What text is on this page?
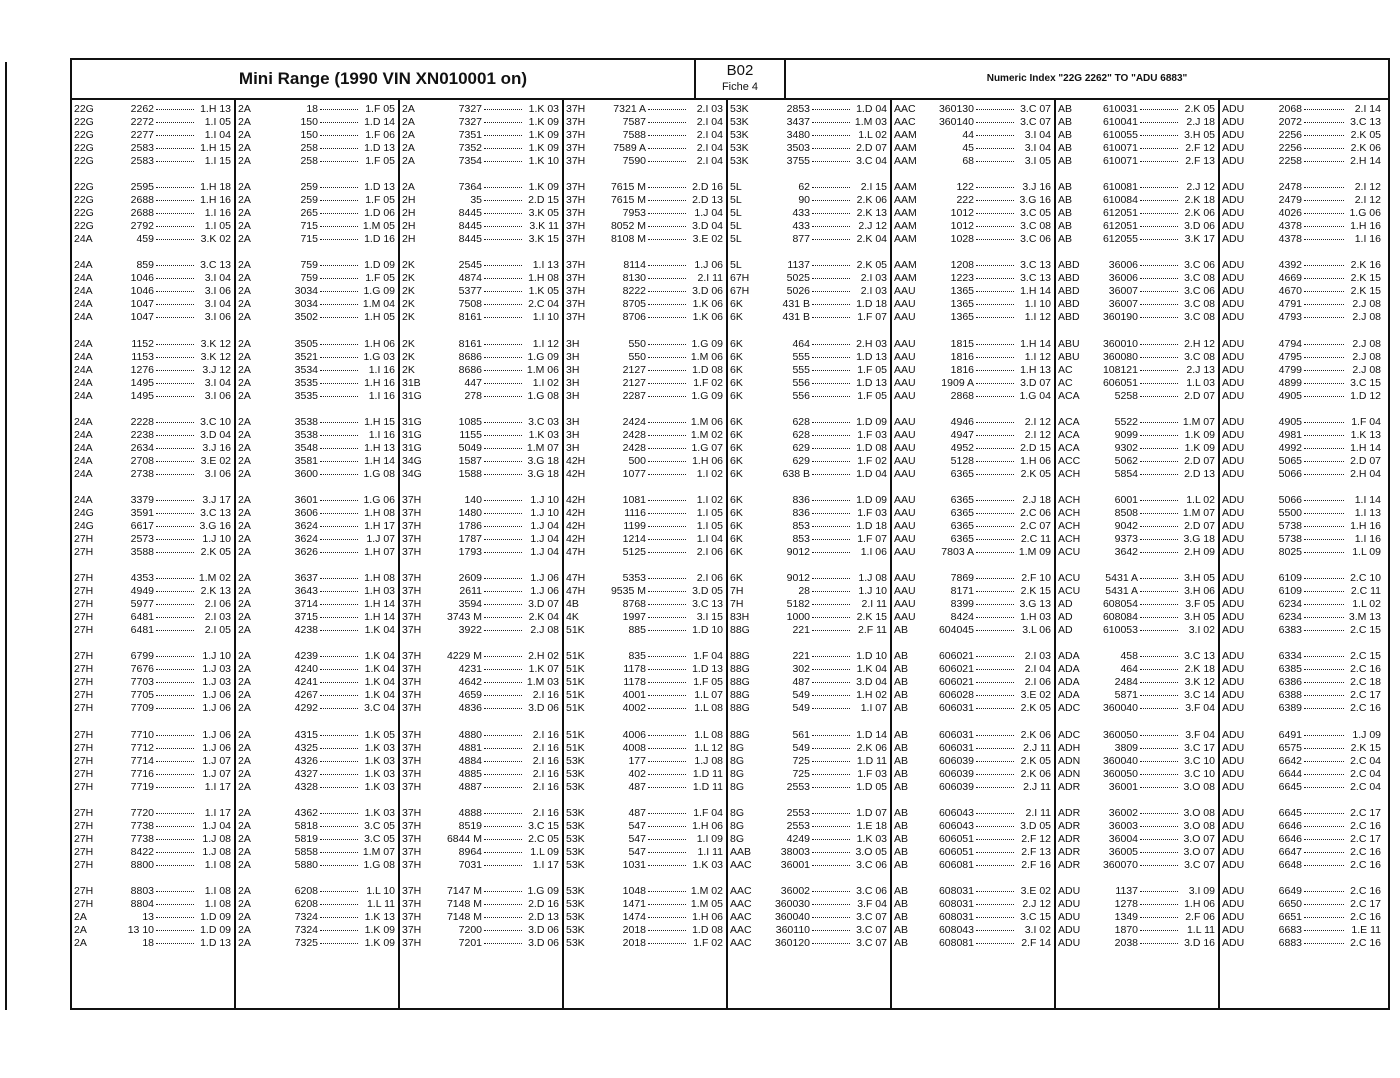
Mini Range (1990 VIN XN010001 on)	B02
Fiche 4
Numeric Index "22G 2262" TO "ADU 6883"
22G	2262	1.H 13
22G	2272	1.I 05
22G	2277	1.I 04
22G	2583	1.H 15
22G	2583	1.I 15
22G	2595	1.H 18
22G	2688	1.H 16
22G	2688	1.I 16
22G	2792	1.I 05
24A	459	3.K 02
24A	859	3.C 13
24A	1046	3.I 04
24A	1046	3.I 06
24A	1047	3.I 04
24A	1047	3.I 06
24A	1152	3.K 12
24A	1153	3.K 12
24A	1276	3.J 12
24A	1495	3.I 04
24A	1495	3.I 06
24A	2228	3.C 10
24A	2238	3.D 04
24A	2634	3.J 16
24A	2708	3.E 02
24A	2738	3.I 06
24A	3379	3.J 17
24G	3591	3.C 13
24G	6617	3.G 16
27H	2573	1.J 10
27H	3588	2.K 05
27H	4353	1.M 02
27H	4949	2.K 13
27H	5977	2.I 06
27H	6481	2.I 03
27H	6481	2.I 05
27H	6799	1.J 10
27H	7676	1.J 03
27H	7703	1.J 03
27H	7705	1.J 06
27H	7709	1.J 06
27H	7710	1.J 06
27H	7712	1.J 06
27H	7714	1.J 07
27H	7716	1.J 07
27H	7719	1.I 17
27H	7720	1.I 17
27H	7738	1.J 04
27H	7738	1.J 08
27H	8422	1.J 08
27H	8800	1.I 08
27H	8803	1.I 08
27H	8804	1.I 08
2A	13	1.D 09
2A	13 10	1.D 09
2A	18	1.D 13
2A	18	1.F 05
2A	150	1.D 14
2A	150	1.F 06
2A	258	1.D 13
2A	258	1.F 05
2A	259	1.D 13
2A	259	1.F 05
2A	265	1.D 06
2A	715	1.M 05
2A	715	1.D 16
2A	759	1.D 09
2A	759	1.F 05
2A	3034	1.G 09
2A	3034	1.M 04
2A	3502	1.H 05
2A	3505	1.H 06
2A	3521	1.G 03
2A	3534	1.I 16
2A	3535	1.H 16
2A	3535	1.I 16
2A	3538	1.H 15
2A	3538	1.I 16
2A	3548	1.H 13
2A	3581	1.H 14
2A	3600	1.G 08
2A	3601	1.G 06
2A	3606	1.H 08
2A	3624	1.H 17
2A	3624	1.J 07
2A	3626	1.H 07
2A	3637	1.H 08
2A	3643	1.H 03
2A	3714	1.H 14
2A	3715	1.H 14
2A	4238	1.K 04
2A	4239	1.K 04
2A	4240	1.K 04
2A	4241	1.K 04
2A	4267	1.K 04
2A	4292	3.C 04
2A	4315	1.K 05
2A	4325	1.K 03
2A	4326	1.K 03
2A	4327	1.K 03
2A	4328	1.K 03
2A	4362	1.K 03
2A	5818	3.C 05
2A	5819	3.C 05
2A	5858	1.M 07
2A	5880	1.G 08
2A	6208	1.L 10
2A	6208	1.L 11
2A	7324	1.K 13
2A	7324	1.K 09
2A	7325	1.K 09
2A	7327	1.K 03
2A	7327	1.K 09
2A	7351	1.K 09
2A	7352	1.K 09
2A	7354	1.K 10
2A	7364	1.K 09
2H	35	2.D 15
2H	8445	3.K 05
2H	8445	3.K 11
2H	8445	3.K 15
2K	2545	1.I 13
2K	4874	1.H 08
2K	5377	1.K 05
2K	7508	2.C 04
2K	8161	1.I 10
2K	8161	1.I 12
2K	8686	1.G 09
2K	8686	1.M 06
31B	447	1.I 02
31G	278	1.G 08
31G	1085	3.C 03
31G	1155	1.K 03
31G	5049	1.M 07
34G	1587	3.G 18
34G	1588	3.G 18
37H	140	1.J 10
37H	1480	1.J 10
37H	1786	1.J 04
37H	1787	1.J 04
37H	1793	1.J 04
37H	2609	1.J 06
37H	2611	1.J 06
37H	3594	3.D 07
37H	3743 M	2.K 04
37H	3922	2.J 08
37H	4229 M	2.H 02
37H	4231	1.K 07
37H	4642	1.M 03
37H	4659	2.I 16
37H	4836	3.D 06
37H	4880	2.I 16
37H	4881	2.I 16
37H	4884	2.I 16
37H	4885	2.I 16
37H	4887	2.I 16
37H	4888	2.I 16
37H	8519	3.C 15
37H	6844 M	2.C 05
37H	8964	1.L 09
37H	7031	1.I 17
37H	7147 M	1.G 09
37H	7148 M	2.D 16
37H	7148 M	2.D 13
37H	7200	3.D 06
37H	7201	3.D 06
37H	7321 A	2.I 03
37H	7587	2.I 04
37H	7588	2.I 04
37H	7589 A	2.I 04
37H	7590	2.I 04
37H	7615 M	2.D 16
37H	7615 M	2.D 13
37H	7953	1.J 04
37H	8052 M	3.D 04
37H	8108 M	3.E 02
37H	8114	1.J 06
37H	8130	2.I 11
37H	8222	3.D 06
37H	8705	1.K 06
37H	8706	1.K 06
3H	550	1.G 09
3H	550	1.M 06
3H	2127	1.D 08
3H	2127	1.F 02
3H	2287	1.G 09
3H	2424	1.M 06
3H	2428	1.M 02
3H	2428	1.G 07
42H	500	1.H 06
42H	1077	1.I 02
42H	1081	1.I 02
42H	1116	1.I 05
42H	1199	1.I 05
42H	1214	1.I 04
47H	5125	2.I 06
47H	5353	2.I 06
47H	9535 M	3.D 05
4B	8768	3.C 13
4K	1997	3.I 15
51K	885	1.D 10
51K	835	1.F 04
51K	1178	1.D 13
51K	1178	1.F 05
51K	4001	1.L 07
51K	4002	1.L 08
51K	4006	1.L 08
51K	4008	1.L 12
53K	177	1.J 08
53K	402	1.D 11
53K	487	1.D 11
53K	487	1.F 04
53K	547	1.H 06
53K	547	1.I 09
53K	547	1.I 11
53K	1031	1.K 03
53K	1048	1.M 02
53K	1471	1.M 05
53K	1474	1.H 06
53K	2018	1.D 08
53K	2018	1.F 02
53K	2853	1.D 04
53K	3437	1.M 03
53K	3480	1.L 02
53K	3503	2.D 07
53K	3755	3.C 04
5L	62	2.I 15
5L	90	2.K 06
5L	433	2.K 13
5L	433	2.J 12
5L	877	2.K 04
5L	1137	2.K 05
67H	5025	2.I 03
67H	5026	2.I 03
6K	431 B	1.D 18
6K	431 B	1.F 07
6K	464	2.H 03
6K	555	1.D 13
6K	555	1.F 05
6K	556	1.D 13
6K	556	1.F 05
6K	628	1.D 09
6K	628	1.F 03
6K	629	1.D 08
6K	629	1.F 02
6K	638 B	1.D 04
6K	836	1.D 09
6K	836	1.F 03
6K	853	1.D 18
6K	853	1.F 07
6K	9012	1.I 06
6K	9012	1.J 08
7H	28	1.J 10
7H	5182	2.I 11
83H	1000	2.K 15
88G	221	2.F 11
88G	221	1.D 10
88G	302	1.K 04
88G	487	3.D 04
88G	549	1.H 02
88G	549	1.I 07
88G	561	1.D 14
8G	549	2.K 06
8G	725	1.D 11
8G	725	1.F 03
8G	2553	1.D 05
8G	2553	1.D 07
8G	2553	1.E 18
8G	4249	1.K 03
AAB	38003	3.O 05
AAC	36001	3.C 06
AAC	36002	3.C 06
AAC	360030	3.F 04
AAC	360040	3.C 07
AAC	360110	3.C 07
AAC	360120	3.C 07
AAC	360130	3.C 07
AAC	360140	3.C 07
AAM	44	3.I 04
AAM	45	3.I 04
AAM	68	3.I 05
AAM	122	3.J 16
AAM	222	3.G 16
AAM	1012	3.C 05
AAM	1012	3.C 08
AAM	1028	3.C 06
AAM	1208	3.C 13
AAM	1223	3.C 13
AAU	1365	1.H 14
AAU	1365	1.I 10
AAU	1365	1.I 12
AAU	1815	1.H 14
AAU	1816	1.I 12
AAU	1816	1.H 13
AAU	1909 A	3.D 07
AAU	2868	1.G 04
AAU	4946	2.I 12
AAU	4947	2.I 12
AAU	4952	2.D 15
AAU	5128	1.H 06
AAU	6365	2.K 05
AAU	6365	2.J 18
AAU	6365	2.C 06
AAU	6365	2.C 07
AAU	6365	2.C 11
AAU	7803 A	1.M 09
AAU	7869	2.F 10
AAU	8171	2.K 15
AAU	8399	3.G 13
AAU	8424	1.H 03
AB	604045	3.L 06
AB	606021	2.I 03
AB	606021	2.I 04
AB	606021	2.I 06
AB	606028	3.E 02
AB	606031	2.K 05
AB	606031	2.K 06
AB	606031	2.J 11
AB	606039	2.K 05
AB	606039	2.K 06
AB	606039	2.J 11
AB	606043	2.I 11
AB	606043	3.D 05
AB	606051	2.F 12
AB	606051	2.F 13
AB	606081	2.F 16
AB	608031	3.E 02
AB	608031	2.J 12
AB	608031	3.C 15
AB	608043	3.I 02
AB	608081	2.F 14
AB	610031	2.K 05
AB	610041	2.J 18
AB	610055	3.H 05
AB	610071	2.F 12
AB	610071	2.F 13
AB	610081	2.J 12
AB	610084	2.K 18
AB	612051	2.K 06
AB	612051	3.D 06
AB	612055	3.K 17
ABD	36006	3.C 06
ABD	36006	3.C 08
ABD	36007	3.C 06
ABD	36007	3.C 08
ABD	360190	3.C 08
ABU	360010	2.H 12
ABU	360080	3.C 08
AC	108121	2.J 13
AC	606051	1.L 03
ACA	5258	2.D 07
ACA	5522	1.M 07
ACA	9099	1.K 09
ACA	9302	1.K 09
ACC	5062	2.D 07
ACH	5854	2.D 13
ACH	6001	1.L 02
ACH	8508	1.M 07
ACH	9042	2.D 07
ACH	9373	3.G 18
ACU	3642	2.H 09
ACU	5431 A	3.H 05
ACU	5431 A	3.H 06
AD	608054	3.F 05
AD	608084	3.H 05
AD	610053	3.I 02
ADA	458	3.C 13
ADA	464	2.K 18
ADA	2484	3.K 12
ADA	5871	3.C 14
ADC	360040	3.F 04
ADC	360050	3.F 04
ADH	3809	3.C 17
ADN	360040	3.C 10
ADN	360050	3.C 10
ADR	36001	3.O 08
ADR	36002	3.O 08
ADR	36003	3.O 08
ADR	36004	3.O 07
ADR	36005	3.O 07
ADR	360070	3.C 07
ADU	1137	3.I 09
ADU	1278	1.H 06
ADU	1349	2.F 06
ADU	1870	1.L 11
ADU	2038	3.D 16
ADU	2068	2.I 14
ADU	2072	3.C 13
ADU	2256	2.K 05
ADU	2256	2.K 06
ADU	2258	2.H 14
ADU	2478	2.I 12
ADU	2479	2.I 12
ADU	4026	1.G 06
ADU	4378	1.H 16
ADU	4378	1.I 16
ADU	4392	2.K 16
ADU	4669	2.K 15
ADU	4670	2.K 15
ADU	4791	2.J 08
ADU	4793	2.J 08
ADU	4794	2.J 08
ADU	4795	2.J 08
ADU	4799	2.J 08
ADU	4899	3.C 15
ADU	4905	1.D 12
ADU	4905	1.F 04
ADU	4981	1.K 13
ADU	4992	1.H 14
ADU	5065	2.D 07
ADU	5066	2.H 04
ADU	5066	1.I 14
ADU	5500	1.I 13
ADU	5738	1.H 16
ADU	5738	1.I 16
ADU	8025	1.L 09
ADU	6109	2.C 10
ADU	6109	2.C 11
ADU	6234	1.L 02
ADU	6234	3.M 13
ADU	6383	2.C 15
ADU	6334	2.C 15
ADU	6385	2.C 16
ADU	6386	2.C 18
ADU	6388	2.C 17
ADU	6389	2.C 16
ADU	6491	1.J 09
ADU	6575	2.K 15
ADU	6642	2.C 04
ADU	6644	2.C 04
ADU	6645	2.C 04
ADU	6645	2.C 17
ADU	6646	2.C 16
ADU	6646	2.C 17
ADU	6647	2.C 16
ADU	6648	2.C 16
ADU	6649	2.C 16
ADU	6650	2.C 17
ADU	6651	2.C 16
ADU	6683	1.E 11
ADU	6883	2.C 16
